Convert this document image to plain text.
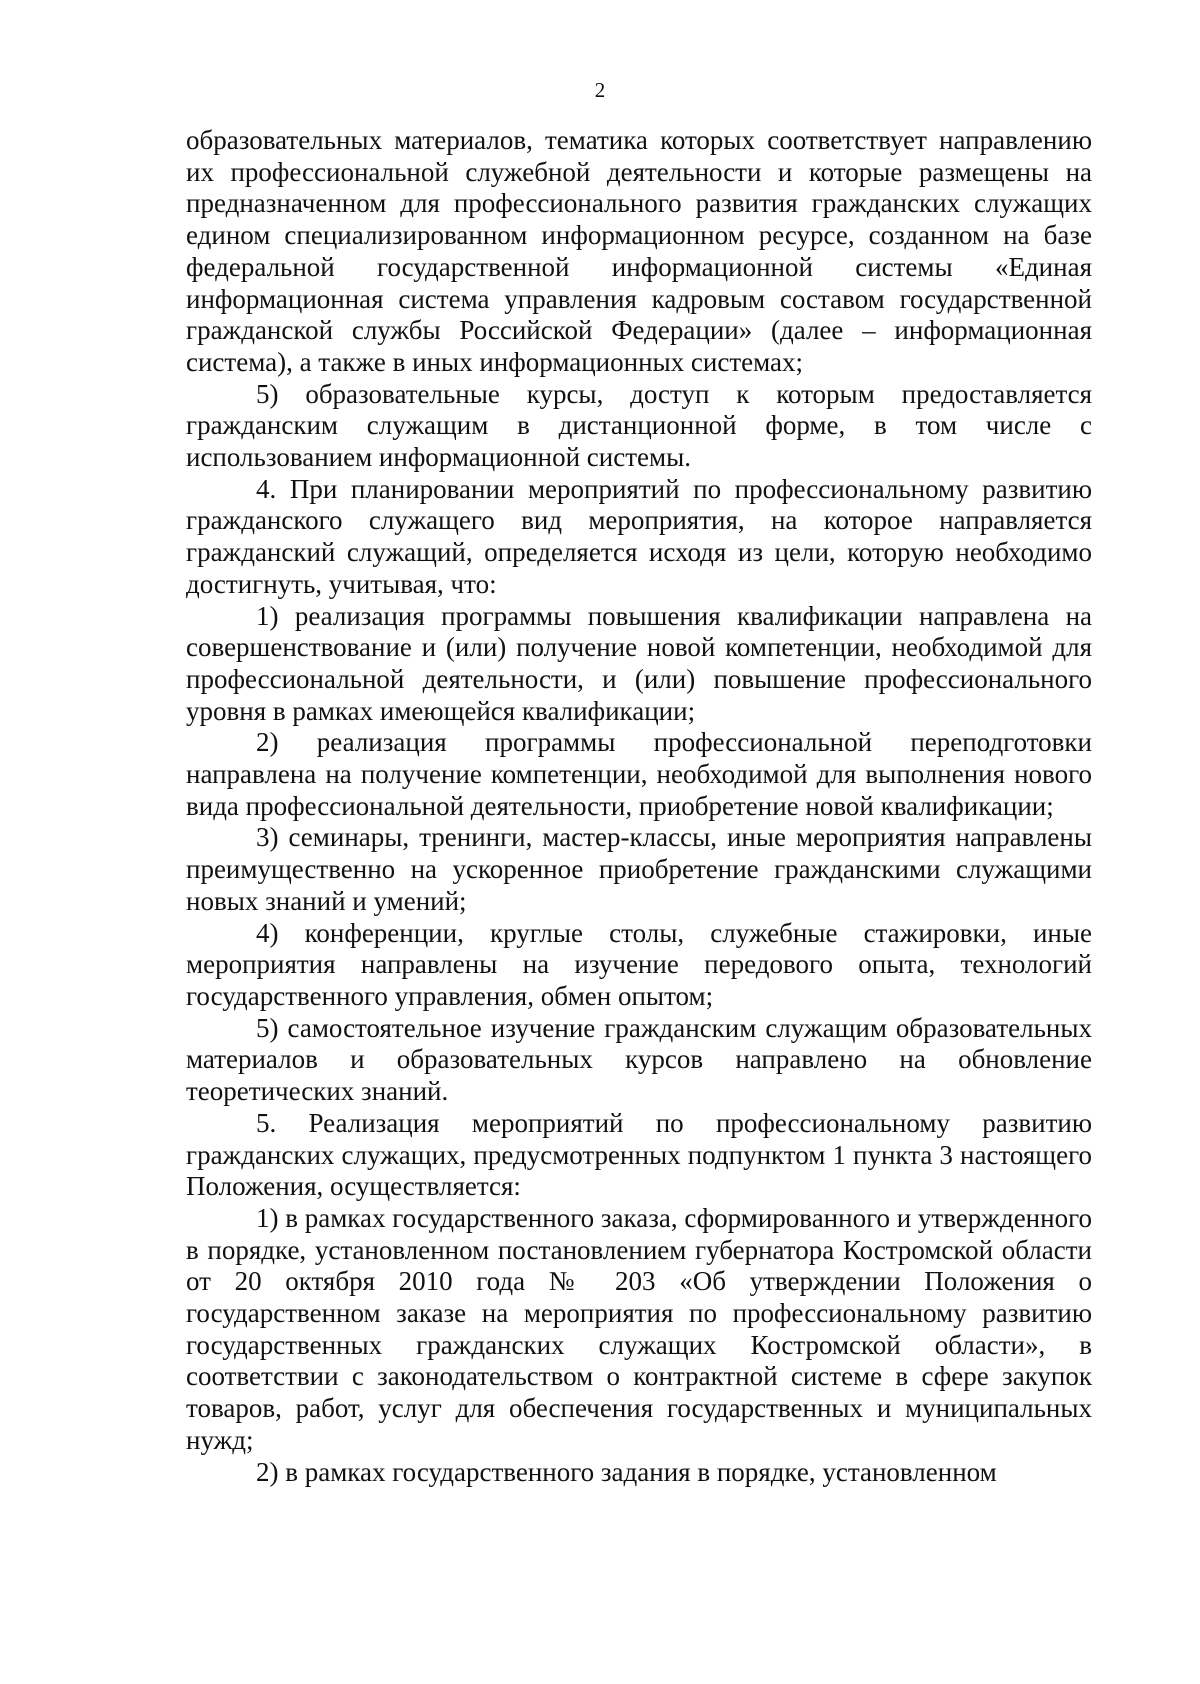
2

образовательных материалов, тематика которых соответствует направлению их профессиональной служебной деятельности и которые размещены на предназначенном для профессионального развития гражданских служащих едином специализированном информационном ресурсе, созданном на базе федеральной государственной информационной системы «Единая информационная система управления кадровым составом государственной гражданской службы Российской Федерации» (далее – информационная система), а также в иных информационных системах;

5) образовательные курсы, доступ к которым предоставляется гражданским служащим в дистанционной форме, в том числе с использованием информационной системы.

4. При планировании мероприятий по профессиональному развитию гражданского служащего вид мероприятия, на которое направляется гражданский служащий, определяется исходя из цели, которую необходимо достигнуть, учитывая, что:

1) реализация программы повышения квалификации направлена на совершенствование и (или) получение новой компетенции, необходимой для профессиональной деятельности, и (или) повышение профессионального уровня в рамках имеющейся квалификации;

2) реализация программы профессиональной переподготовки направлена на получение компетенции, необходимой для выполнения нового вида профессиональной деятельности, приобретение новой квалификации;

3) семинары, тренинги, мастер-классы, иные мероприятия направлены преимущественно на ускоренное приобретение гражданскими служащими новых знаний и умений;

4) конференции, круглые столы, служебные стажировки, иные мероприятия направлены на изучение передового опыта, технологий государственного управления, обмен опытом;

5) самостоятельное изучение гражданским служащим образовательных материалов и образовательных курсов направлено на обновление теоретических знаний.

5. Реализация мероприятий по профессиональному развитию гражданских служащих, предусмотренных подпунктом 1 пункта 3 настоящего Положения, осуществляется:

1) в рамках государственного заказа, сформированного и утвержденного в порядке, установленном постановлением губернатора Костромской области от 20 октября 2010 года № 203 «Об утверждении Положения о государственном заказе на мероприятия по профессиональному развитию государственных гражданских служащих Костромской области», в соответствии с законодательством о контрактной системе в сфере закупок товаров, работ, услуг для обеспечения государственных и муниципальных нужд;

2) в рамках государственного задания в порядке, установленном
